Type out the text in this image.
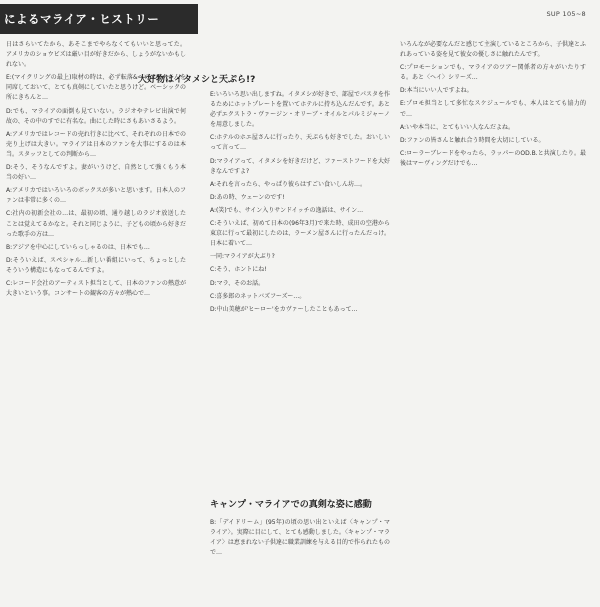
によるマライア・ヒストリー	SUP 105~8

日はさらいてたから、あそこまでやらなくてもいいと思ってた。アメリカのショウビズは厳い目が好きだから、しょうがないかもしれない。

E:(マイクリングの最上)取材の時は、必ず転落&ヘアメイクさんを同席しておいて、とても真剣にしていたと思うけど。ベーシックの所にきちんと…

D:でも、マライアの面倒も見ていない。ラジオやテレビ出演で何故の、その中のすでに有名な。曲にした時にさもあいさるよう。

A:アメリカではレコードの売れ行きに比べて、それぞれの日本での売り上げは大きい。マライアは日本のファンを大事にするのは本当。スタッフとしての判断から…

D:そう、そうなんですよ。妻がいうけど、自然として強くもう本当の好い…

A:アメリカではいろいろのボックスが多いと思います。日本人のファンは非常に多くの…

C:社内の初新会社の…は、最初の頃、通り越しのラジオ放送したことは覚えてるかなと。それと同じように、子どもの頃から好きだった歌手の方は…

B:アジアを中心にしていらっしゃるのは、日本でも…

D:そういえば、スペシャル…新しい番組にいって、ちょっとしたそういう構造にもなってるんですよ。

C:レコード会社のアーティスト担当として、日本のファンの熱意が大きいという事。コンサートの観客の方々が熱心で…

大好物はイタメシと天ぷら!?

E:いろいろ思い出しますね。イタメシが好きで、部屋でパスタを作るためにホットプレートを置いてホテルに持ち込んだんです。あと必ずエクストラ・ヴァージン・オリーブ・オイルとパルミジャーノを用意しました。

C:ホテルのホエ屋さんに行ったり、天ぷらも好きでした。おいしいって言って…

D:マライアって、イタメシを好きだけど、ファーストフードを大好きなんですよ?

A:それを言ったら、やっぱり彼らはすごい食いしん坊…。

D:あの時、ウェーンのです!

A:(笑)でも、サイン入りサンドイッチの逸話は、サイン…

C:そういえば、初めて日本の(96年3月)で来た時、成田の空港から東京に行って最初にしたのは、ラーメン屋さんに行ったんだっけ。日本に着いて…

一同:マライアが大ぶり?

C:そう、ホントにね!

D:マラ、そのお話。

C:喜多郎のネットバズフーズー…。

D:中山美穂が'ヒーロー'をカヴァーしたこともあって…

キャンプ・マライアでの真剣な姿に感動

B:「デイドリーム」(95年)の頃の思い出といえば〈キャンプ・マライア〉。実際に目にして、とても感動しました。〈キャンプ・マライア〉は恵まれない子供達に職業訓練を与える目的で作られたもので…

いろんなが必要なんだと感じて主演しているところから、子供達とふれあっている姿を見て彼女の優しさに触れたんです。

C:プロモーションでも、マライアのツアー関係者の方々がいたりする。あと〈ヘイ〉シリーズ…

D:本当にいい人ですよね。

E:プロモ担当として多忙なスケジュールでも、本人はとても協力的で…

A:いや本当に、とてもいい人なんだよね。

D:ファンの皆さんと触れ合う時間を大切にしている。

C:ローラーブレードをやったら、ラッパーのOD.B.と共演したり。最後はマーヴィングだけでも…
